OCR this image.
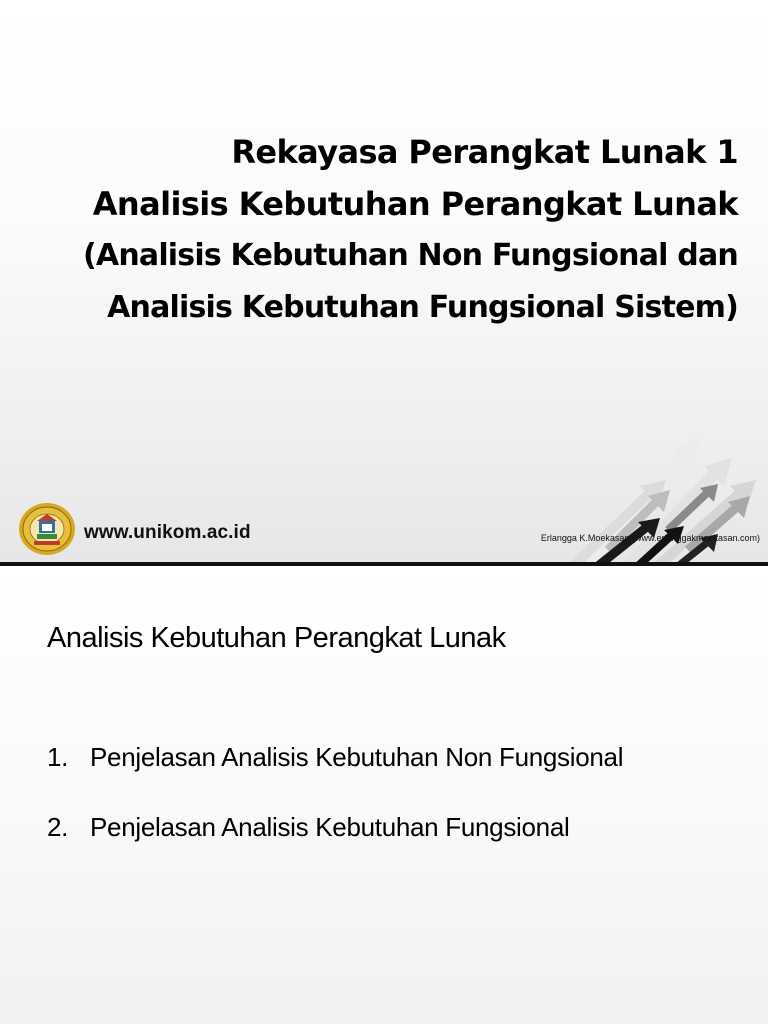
Rekayasa Perangkat Lunak 1
Analisis Kebutuhan Perangkat Lunak
(Analisis Kebutuhan Non Fungsional dan
Analisis Kebutuhan Fungsional Sistem)
www.unikom.ac.id	Erlangga K.Moekasan (www.erlanggakmoekasan.com)
Analisis Kebutuhan Perangkat Lunak
1. Penjelasan Analisis Kebutuhan Non Fungsional
2. Penjelasan Analisis Kebutuhan Fungsional
